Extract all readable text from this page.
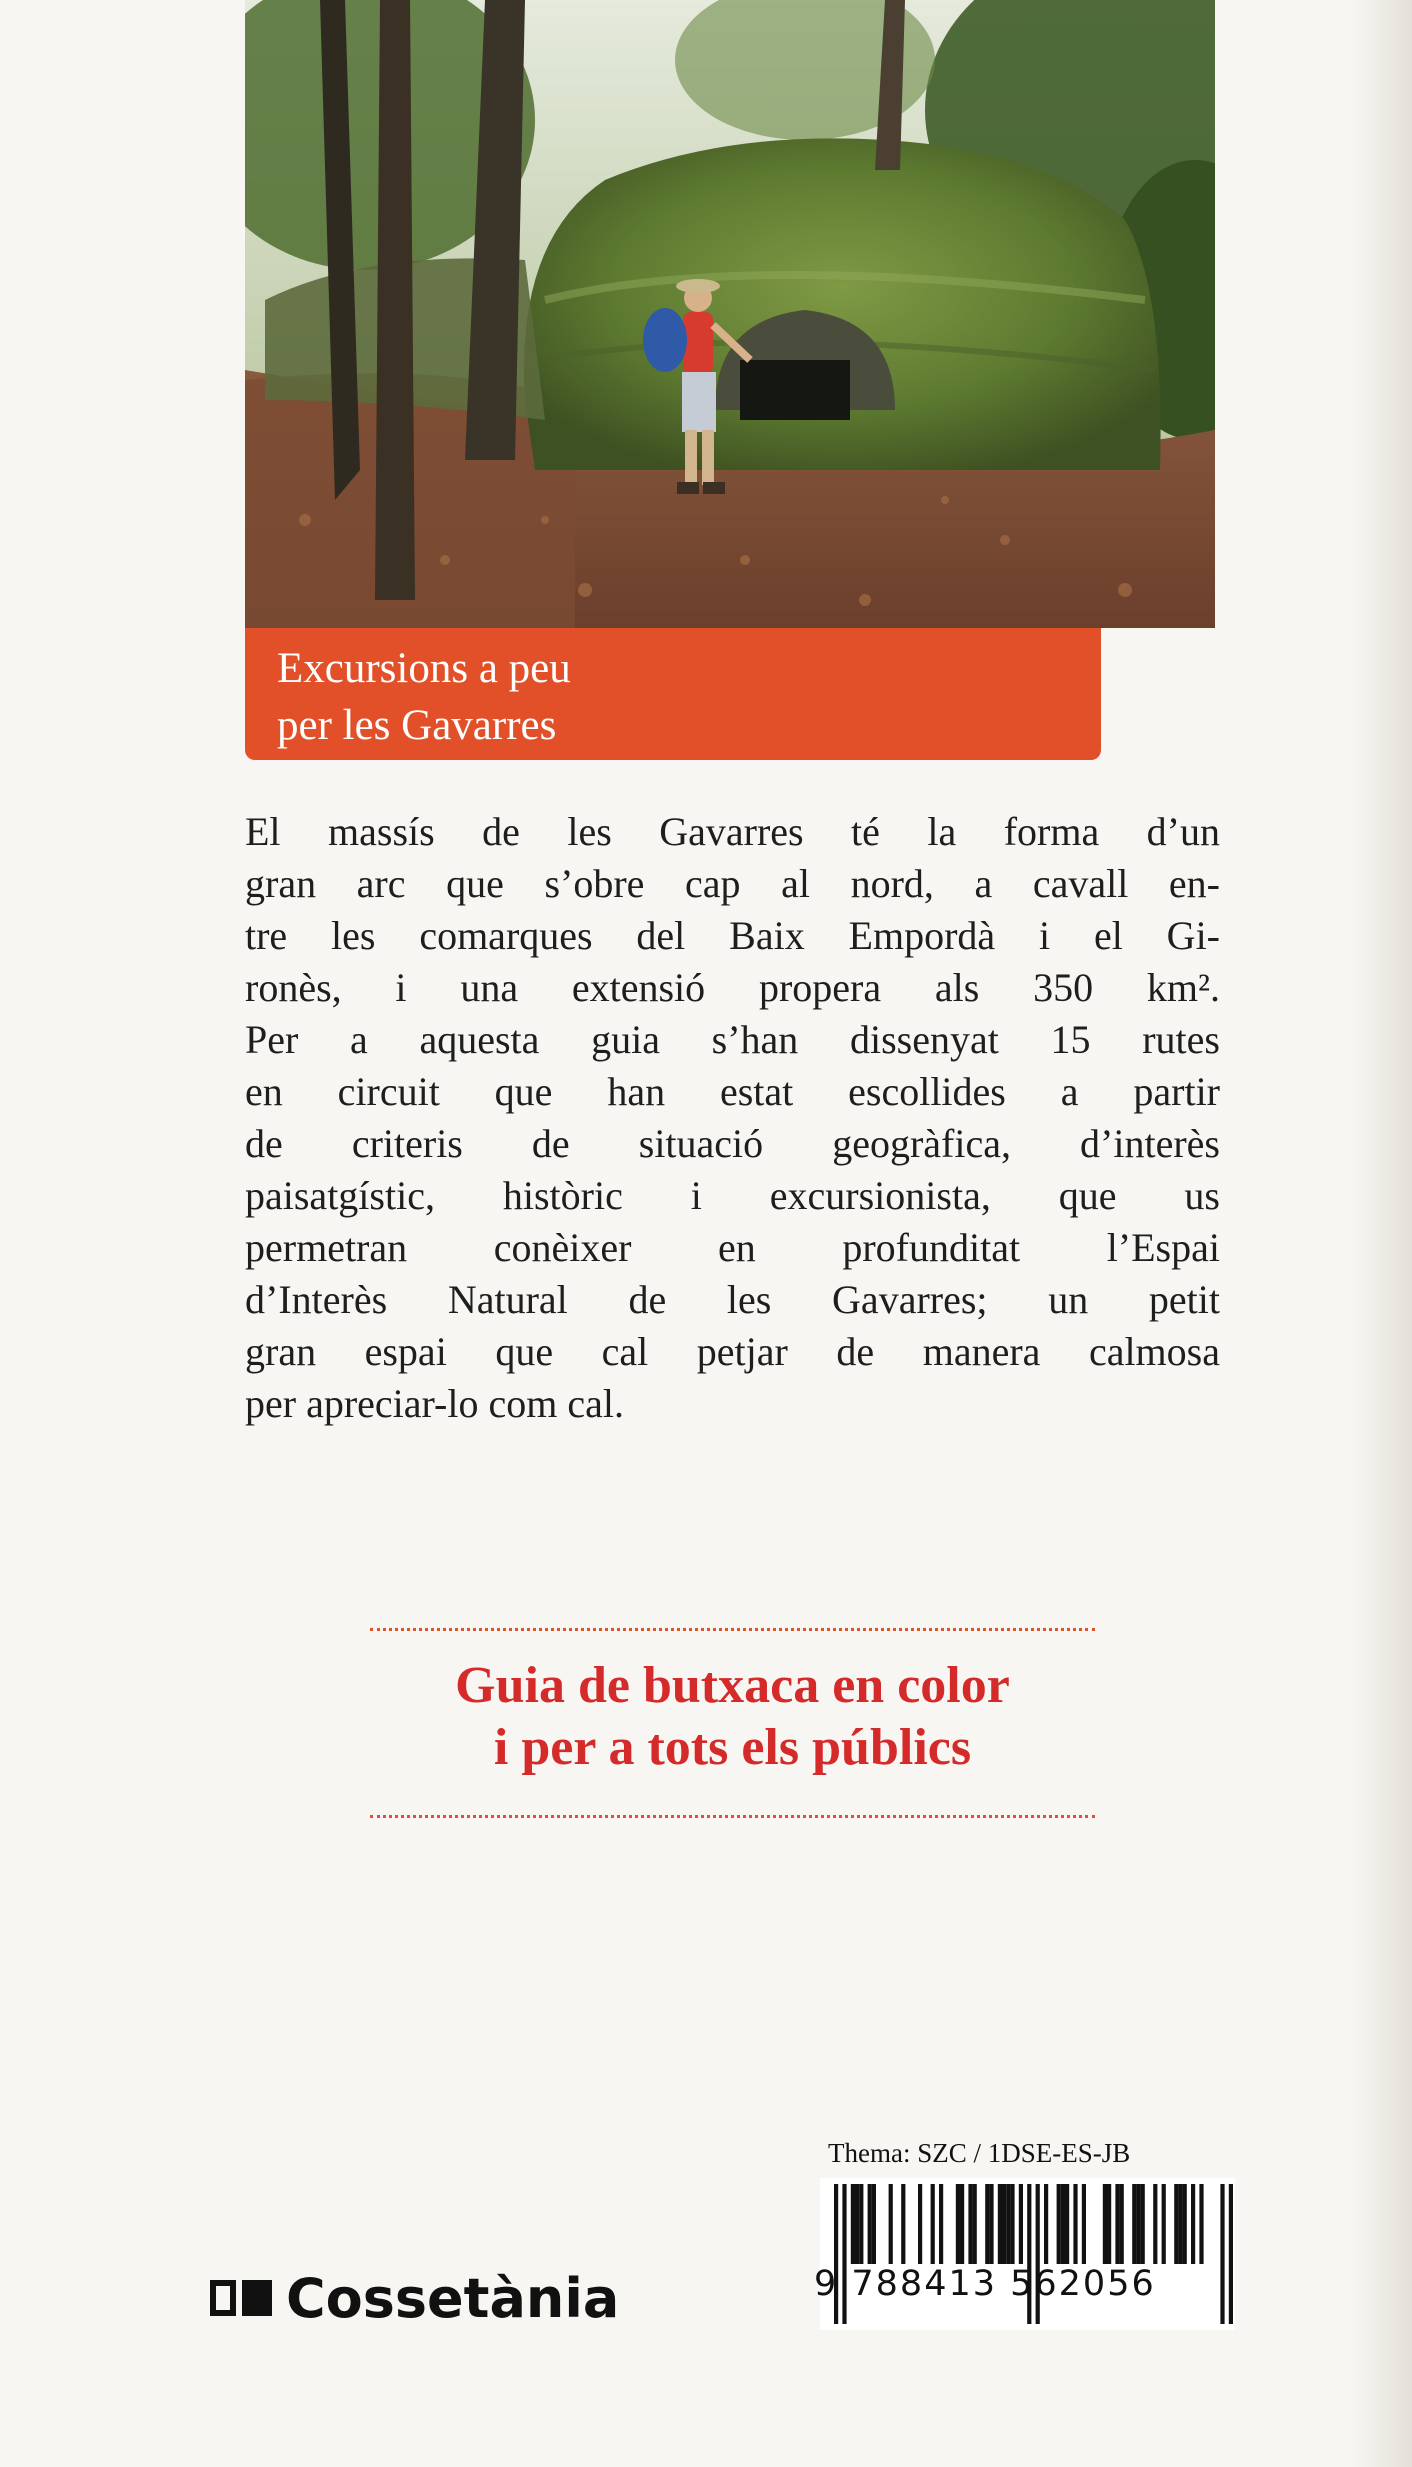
Excursions a peu
per les Gavarres

El massís de les Gavarres té la forma d’un
gran arc que s’obre cap al nord, a cavall en-
tre les comarques del Baix Empordà i el Gi-
ronès, i una extensió propera als 350 km².
Per a aquesta guia s’han dissenyat 15 rutes
en circuit que han estat escollides a partir
de criteris de situació geogràfica, d’interès
paisatgístic, històric i excursionista, que us
permetran conèixer en profunditat l’Espai
d’Interès Natural de les Gavarres; un petit
gran espai que cal petjar de manera calmosa
per apreciar-lo com cal.

Guia de butxaca en color
i per a tots els públics
Cossetània
Thema: SZC / 1DSE-ES-JB
9 788413 562056
